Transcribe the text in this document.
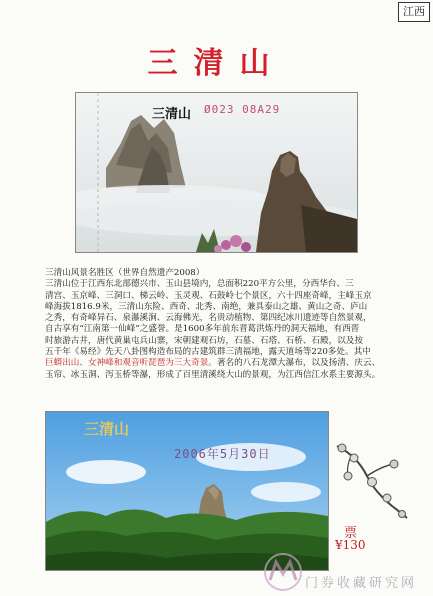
江西
三清山
三清山 Ø023 08A29
三清山风景名胜区（世界自然遗产2008）
三清山位于江西东北部德兴市、玉山县境内，总面积220平方公里，分西华台、三
清宫、玉京峰、三洞口、梯云岭、玉灵观、石鼓岭七个景区，六十四座奇峰，主峰玉京
峰海拔1816.9米，三清山东险、西奇、北秀、南绝，兼具泰山之雄、黄山之奇、庐山
之秀，有奇峰异石、泉瀑溪涧、云海佛光，名贵动植物、第四纪冰川遗迹等自然景观，
自古享有“江南第一仙峰”之盛誉。是1600多年前东晋葛洪炼丹的洞天福地，有西晋
时旅游古井，唐代黄巢屯兵山寨，宋朝建观石坊，石墓、石塔、石桥、石殿，以及按
五千年《易经》先天八卦图构造布局的古建筑群三清福地，露天道场等220多处。其中
巨蟒出山、女神峰和观音听琵琶为三大奇景。著名的八石龙潭大瀑布，以及扬清、庆云、
玉帘、冰玉洞、泻玉桥等瀑，形成了百里清溪绕大山的景观，为江西信江水系主要源头。
三清山
2006年5月30日
票
¥130
门券收藏研究网
